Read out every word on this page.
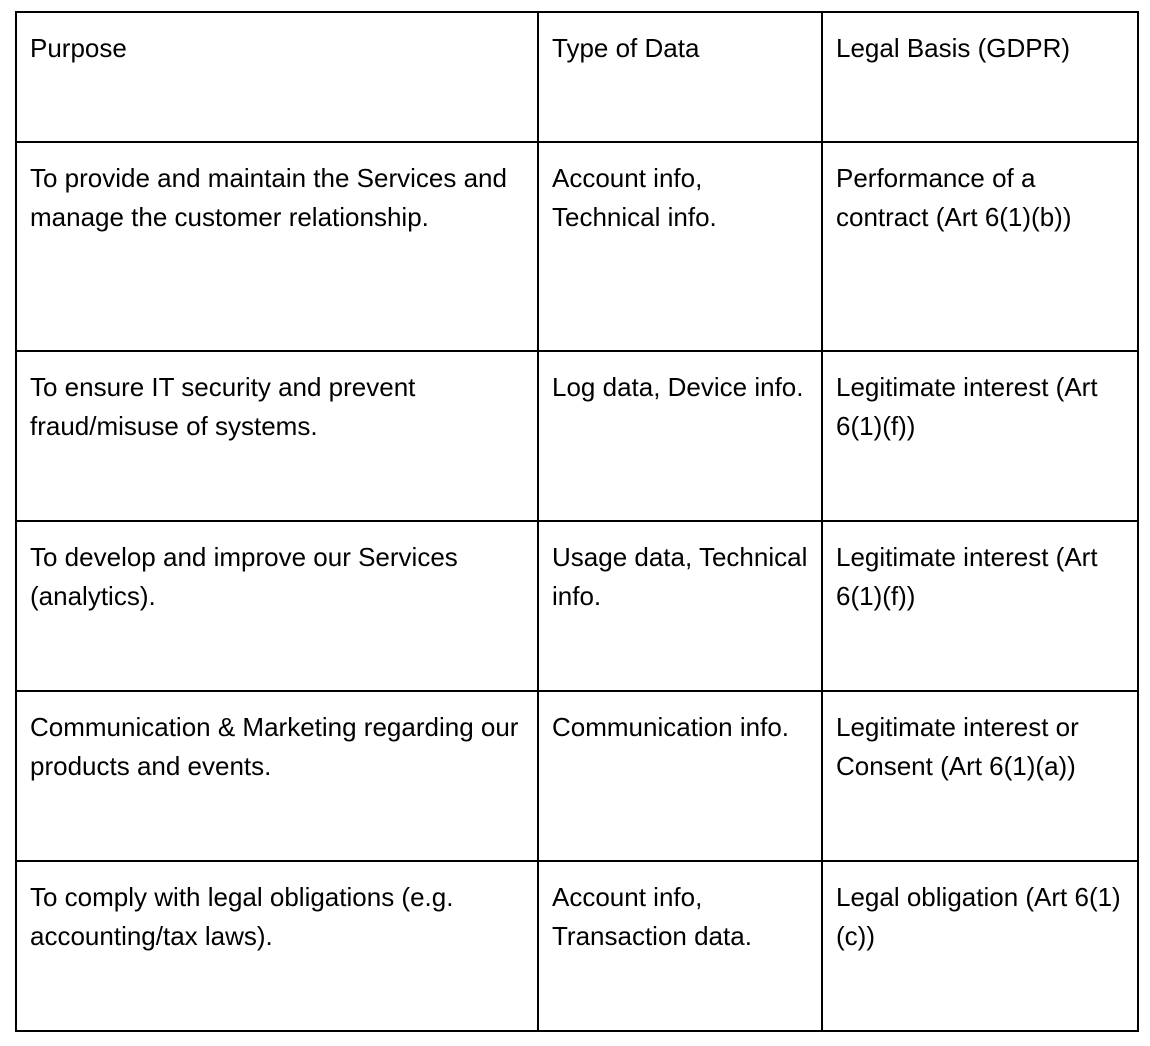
Purpose	Type of Data	Legal Basis (GDPR)
To provide and maintain the Services and manage the customer relationship.	Account info, Technical info.	Performance of a contract (Art 6(1)(b))
To ensure IT security and prevent fraud/misuse of systems.	Log data, Device info.	Legitimate interest (Art 6(1)(f))
To develop and improve our Services (analytics).	Usage data, Technical info.	Legitimate interest (Art 6(1)(f))
Communication & Marketing regarding our products and events.	Communication info.	Legitimate interest or Consent (Art 6(1)(a))
To comply with legal obligations (e.g. accounting/tax laws).	Account info, Transaction data.	Legal obligation (Art 6(1)(c))
